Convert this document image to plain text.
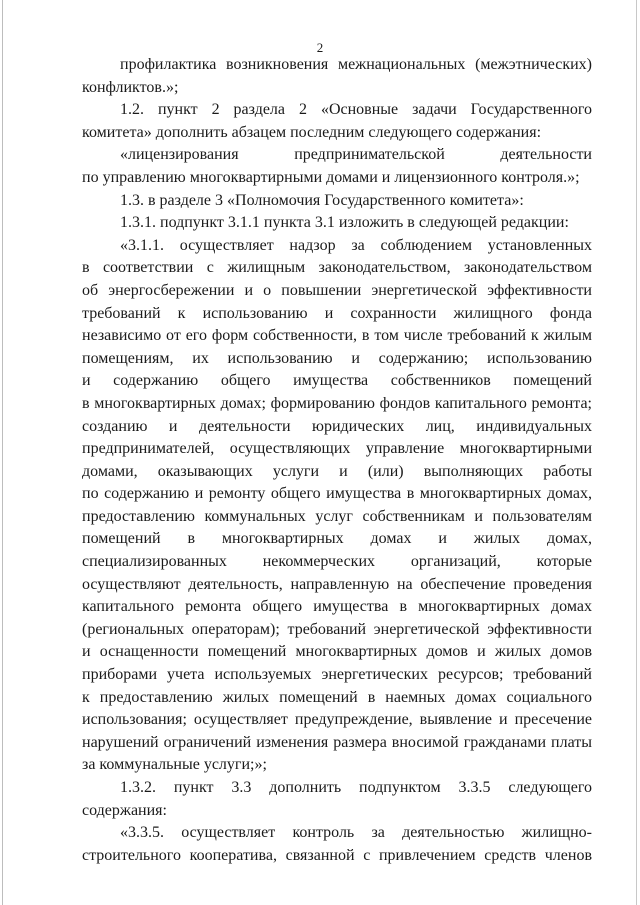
2
профилактика возникновения межнациональных (межэтнических)
конфликтов.»;
1.2. пункт 2 раздела 2 «Основные задачи Государственного
комитета» дополнить абзацем последним следующего содержания:
«лицензирования предпринимательской деятельности
по управлению многоквартирными домами и лицензионного контроля.»;
1.3. в разделе 3 «Полномочия Государственного комитета»:
1.3.1. подпункт 3.1.1 пункта 3.1 изложить в следующей редакции:
«3.1.1. осуществляет надзор за соблюдением установленных
в соответствии с жилищным законодательством, законодательством
об энергосбережении и о повышении энергетической эффективности
требований к использованию и сохранности жилищного фонда
независимо от его форм собственности, в том числе требований к жилым
помещениям, их использованию и содержанию; использованию
и содержанию общего имущества собственников помещений
в многоквартирных домах; формированию фондов капитального ремонта;
созданию и деятельности юридических лиц, индивидуальных
предпринимателей, осуществляющих управление многоквартирными
домами, оказывающих услуги и (или) выполняющих работы
по содержанию и ремонту общего имущества в многоквартирных домах,
предоставлению коммунальных услуг собственникам и пользователям
помещений в многоквартирных домах и жилых домах,
специализированных некоммерческих организаций, которые
осуществляют деятельность, направленную на обеспечение проведения
капитального ремонта общего имущества в многоквартирных домах
(региональных операторам); требований энергетической эффективности
и оснащенности помещений многоквартирных домов и жилых домов
приборами учета используемых энергетических ресурсов; требований
к предоставлению жилых помещений в наемных домах социального
использования; осуществляет предупреждение, выявление и пресечение
нарушений ограничений изменения размера вносимой гражданами платы
за коммунальные услуги;»;
1.3.2. пункт 3.3 дополнить подпунктом 3.3.5 следующего
содержания:
«3.3.5. осуществляет контроль за деятельностью жилищно-
строительного кооператива, связанной с привлечением средств членов
